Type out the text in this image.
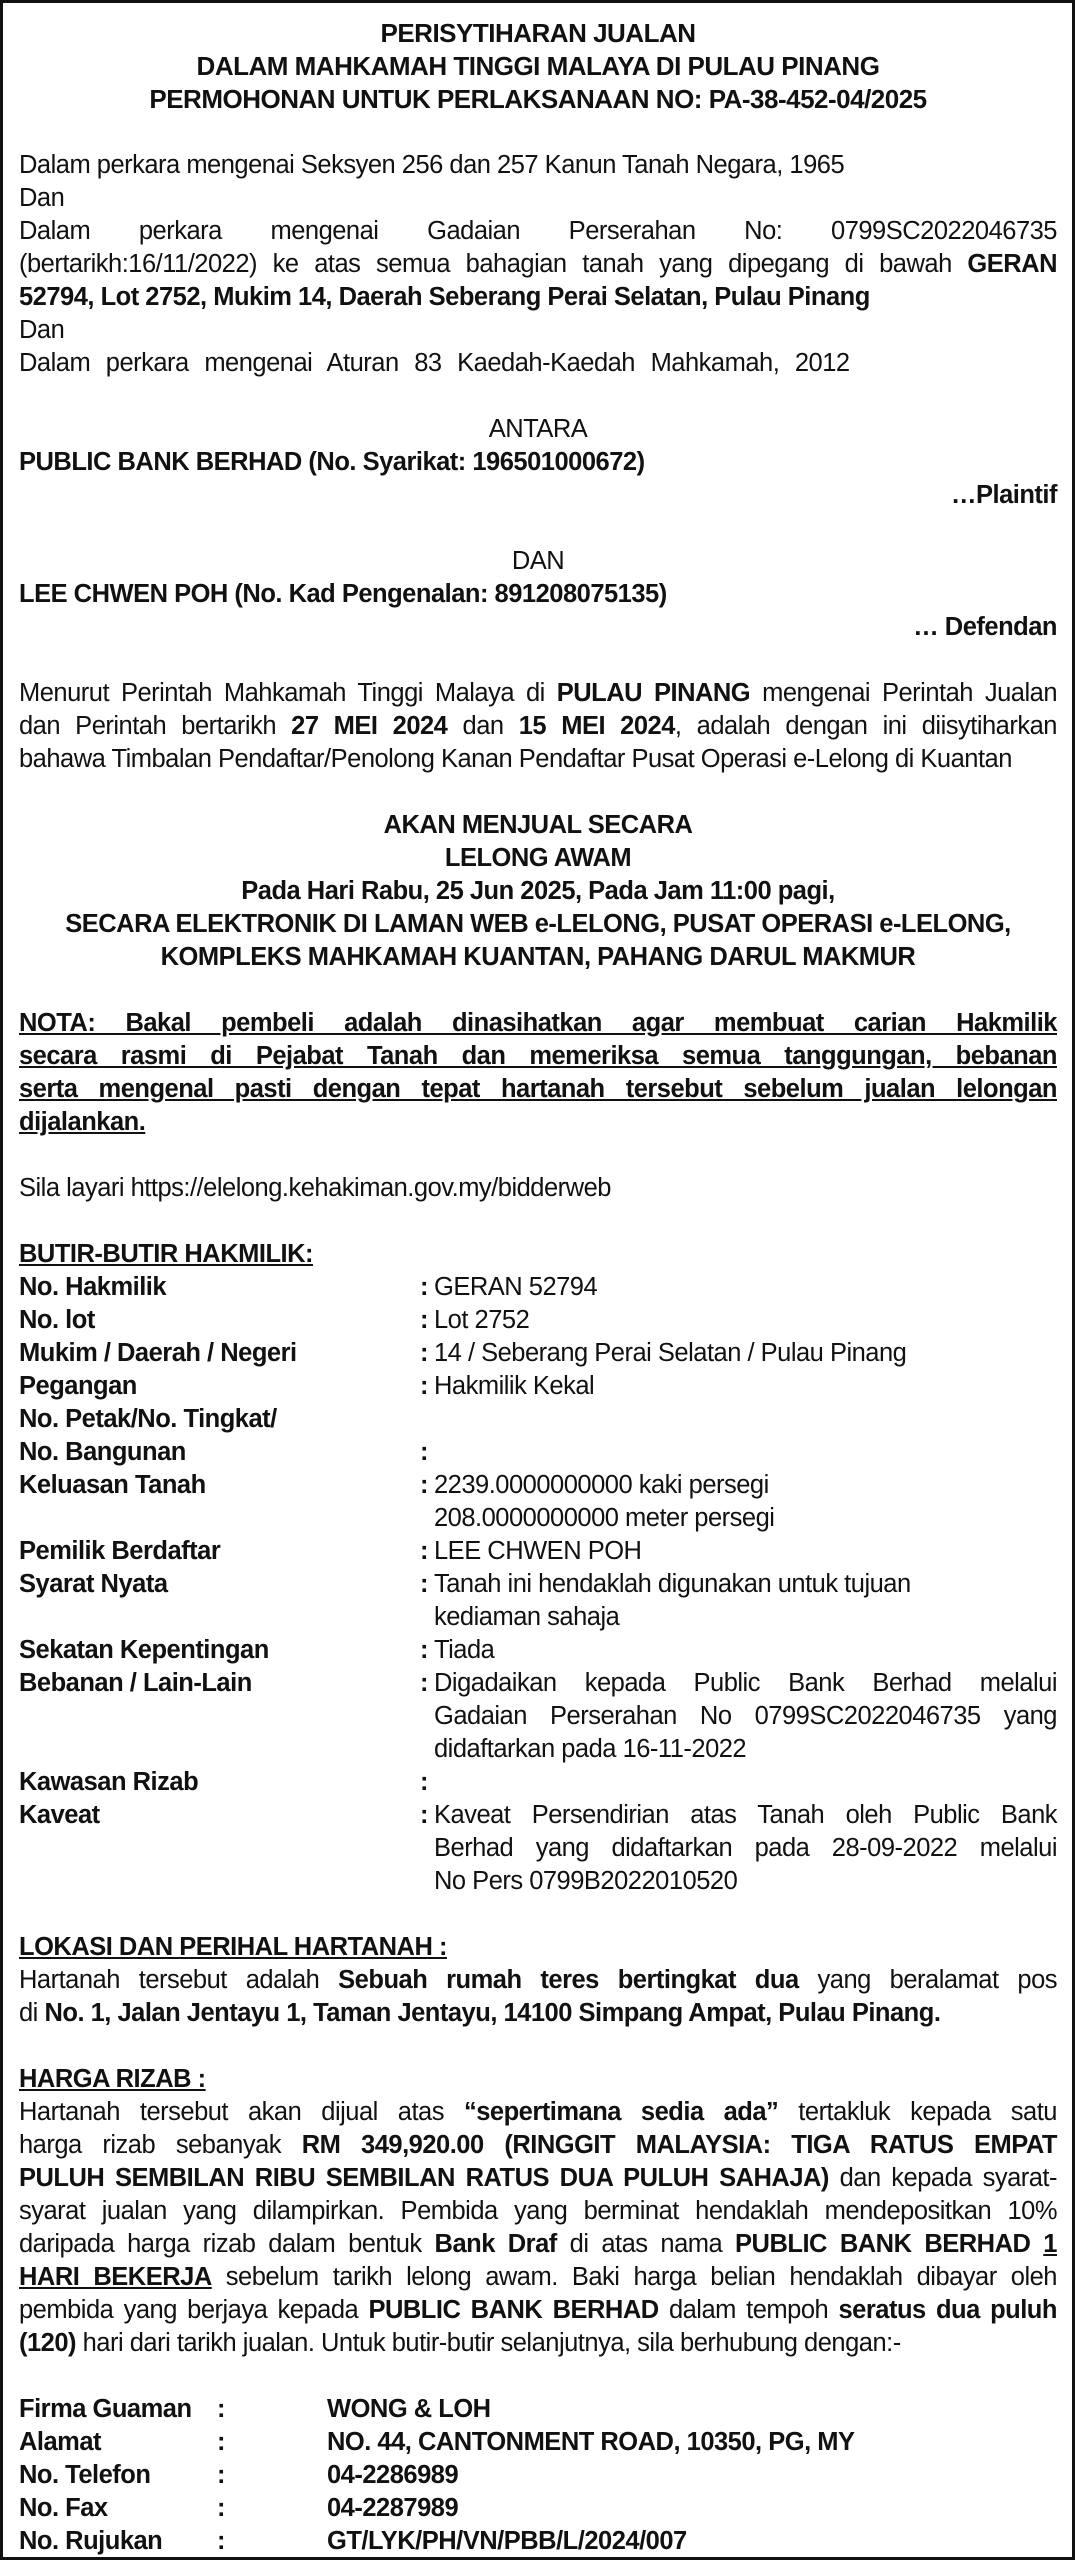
PERISYTIHARAN JUALAN

DALAM MAHKAMAH TINGGI MALAYA DI PULAU PINANG

PERMOHONAN UNTUK PERLAKSANAAN NO: PA-38-452-04/2025

Dalam perkara mengenai Seksyen 256 dan 257 Kanun Tanah Negara, 1965

Dan

Dalam perkara mengenai Gadaian Perserahan No: 0799SC2022046735

(bertarikh:16/11/2022) ke atas semua bahagian tanah yang dipegang di bawah GERAN

52794, Lot 2752, Mukim 14, Daerah Seberang Perai Selatan, Pulau Pinang

Dan

Dalam perkara mengenai Aturan 83 Kaedah-Kaedah Mahkamah, 2012

ANTARA

PUBLIC BANK BERHAD (No. Syarikat: 196501000672)

…Plaintif

DAN

LEE CHWEN POH (No. Kad Pengenalan: 891208075135)

… Defendan

Menurut Perintah Mahkamah Tinggi Malaya di PULAU PINANG mengenai Perintah Jualan

dan Perintah bertarikh 27 MEI 2024 dan 15 MEI 2024, adalah dengan ini diisytiharkan

bahawa Timbalan Pendaftar/Penolong Kanan Pendaftar Pusat Operasi e-Lelong di Kuantan

AKAN MENJUAL SECARA

LELONG AWAM

Pada Hari Rabu, 25 Jun 2025, Pada Jam 11:00 pagi,

SECARA ELEKTRONIK DI LAMAN WEB e-LELONG, PUSAT OPERASI e-LELONG,

KOMPLEKS MAHKAMAH KUANTAN, PAHANG DARUL MAKMUR

NOTA: Bakal pembeli adalah dinasihatkan agar membuat carian Hakmilik

secara rasmi di Pejabat Tanah dan memeriksa semua tanggungan, bebanan

serta mengenal pasti dengan tepat hartanah tersebut sebelum jualan lelongan

dijalankan.

Sila layari https://elelong.kehakiman.gov.my/bidderweb

BUTIR-BUTIR HAKMILIK:

No. Hakmilik	: GERAN 52794
No. lot	: Lot 2752
Mukim / Daerah / Negeri	: 14 / Seberang Perai Selatan / Pulau Pinang
Pegangan	: Hakmilik Kekal
No. Petak/No. Tingkat/
No. Bangunan	:

Keluasan Tanah	: 2239.0000000000 kaki persegi
208.0000000000 meter persegi
Pemilik Berdaftar	: LEE CHWEN POH
Syarat Nyata	: Tanah ini hendaklah digunakan untuk tujuan
kediaman sahaja
Sekatan Kepentingan	: Tiada
Bebanan / Lain-Lain	: Digadaikan kepada Public Bank Berhad melalui
Gadaian Perserahan No 0799SC2022046735 yang
didaftarkan pada 16-11-2022
Kawasan Rizab	:

Kaveat	: Kaveat Persendirian atas Tanah oleh Public Bank
Berhad yang didaftarkan pada 28-09-2022 melalui
No Pers 0799B2022010520

LOKASI DAN PERIHAL HARTANAH :

Hartanah tersebut adalah Sebuah rumah teres bertingkat dua yang beralamat pos

di No. 1, Jalan Jentayu 1, Taman Jentayu, 14100 Simpang Ampat, Pulau Pinang.

HARGA RIZAB :

Hartanah tersebut akan dijual atas “sepertimana sedia ada” tertakluk kepada satu

harga rizab sebanyak RM 349,920.00 (RINGGIT MALAYSIA: TIGA RATUS EMPAT

PULUH SEMBILAN RIBU SEMBILAN RATUS DUA PULUH SAHAJA) dan kepada syarat-

syarat jualan yang dilampirkan. Pembida yang berminat hendaklah mendepositkan 10%

daripada harga rizab dalam bentuk Bank Draf di atas nama PUBLIC BANK BERHAD 1

HARI BEKERJA sebelum tarikh lelong awam. Baki harga belian hendaklah dibayar oleh

pembida yang berjaya kepada PUBLIC BANK BERHAD dalam tempoh seratus dua puluh

(120) hari dari tarikh jualan. Untuk butir-butir selanjutnya, sila berhubung dengan:-

Firma Guaman :	WONG & LOH
Alamat	:	NO. 44, CANTONMENT ROAD, 10350, PG, MY
No. Telefon	:	04-2286989
No. Fax	:	04-2287989
No. Rujukan	:	GT/LYK/PH/VN/PBB/L/2024/007
